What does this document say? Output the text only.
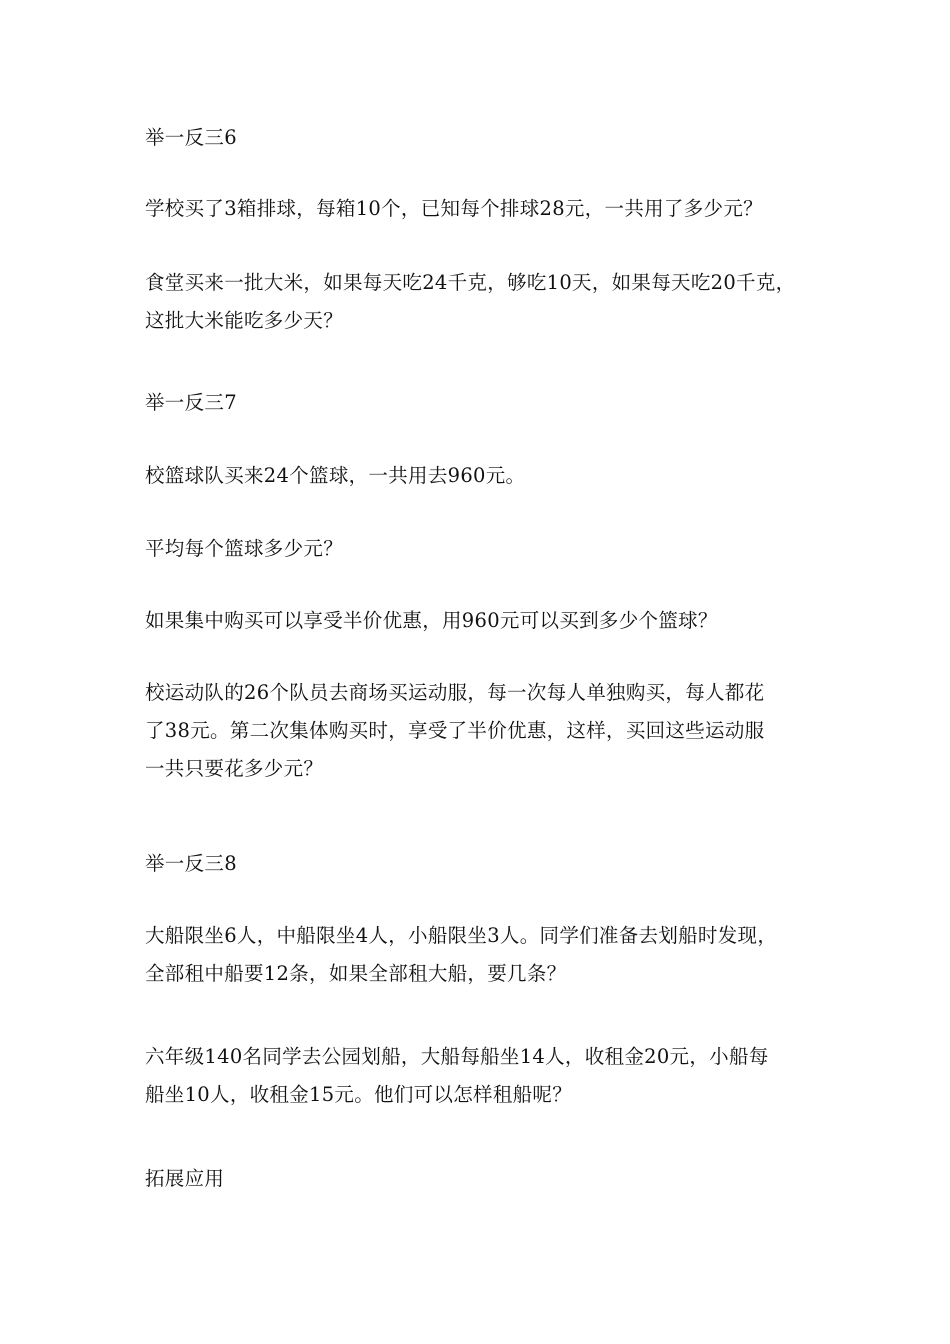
举一反三6

学校买了3箱排球，每箱10个，已知每个排球28元，一共用了多少元？

食堂买来一批大米，如果每天吃24千克，够吃10天，如果每天吃20千克，
这批大米能吃多少天？

举一反三7

校篮球队买来24个篮球，一共用去960元。

平均每个篮球多少元？

如果集中购买可以享受半价优惠，用960元可以买到多少个篮球？

校运动队的26个队员去商场买运动服，每一次每人单独购买，每人都花
了38元。第二次集体购买时，享受了半价优惠，这样，买回这些运动服
一共只要花多少元？

举一反三8

大船限坐6人，中船限坐4人，小船限坐3人。同学们准备去划船时发现，
全部租中船要12条，如果全部租大船，要几条？

六年级140名同学去公园划船，大船每船坐14人，收租金20元，小船每
船坐10人，收租金15元。他们可以怎样租船呢？

拓展应用
